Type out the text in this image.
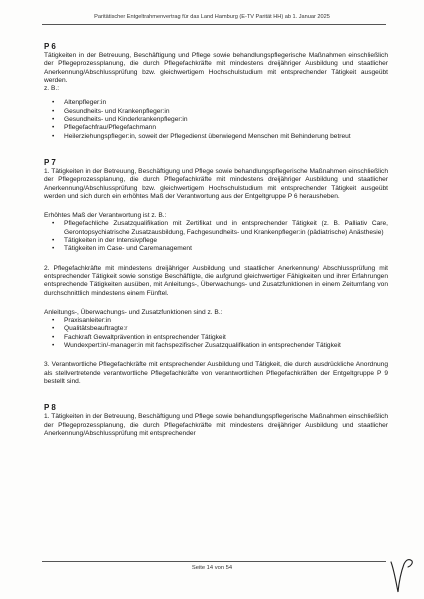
Paritätischer Entgeltrahmenvertrag für das Land Hamburg (E-TV Parität HH) ab 1. Januar 2025
P 6

Tätigkeiten in der Betreuung, Beschäftigung und Pflege sowie behandlungspflegerische Maßnahmen einschließlich der Pflegeprozessplanung, die durch Pflegefachkräfte mit mindestens dreijähriger Ausbildung und staatlicher Anerkennung/Abschlussprüfung bzw. gleichwertigem Hochschulstudium mit entsprechender Tätigkeit ausgeübt werden.

z. B.:

• Altenpfleger:in
• Gesundheits- und Krankenpfleger:in
• Gesundheits- und Kinderkrankenpfleger:in
• Pflegefachfrau/Pflegefachmann
• Heilerziehungspfleger:in, soweit der Pflegedienst überwiegend Menschen mit Behinderung betreut
P 7

1. Tätigkeiten in der Betreuung, Beschäftigung und Pflege sowie behandlungspflegerische Maßnahmen einschließlich der Pflegeprozessplanung, die durch Pflegefachkräfte mit mindestens dreijähriger Ausbildung und staatlicher Anerkennung/Abschlussprüfung bzw. gleichwertigem Hochschulstudium mit entsprechender Tätigkeit ausgeübt werden und sich durch ein erhöhtes Maß der Verantwortung aus der Entgeltgruppe P 6 herausheben.

Erhöhtes Maß der Verantwortung ist z. B.:

• Pflegefachliche Zusatzqualifikation mit Zertifikat und in entsprechender Tätigkeit (z. B. Palliativ Care, Gerontopsychiatrische Zusatzausbildung, Fachgesundheits- und Krankenpfleger:in (pädiatrische) Anästhesie)
• Tätigkeiten in der Intensivpflege
• Tätigkeiten im Case- und Caremanagement

2. Pflegefachkräfte mit mindestens dreijähriger Ausbildung und staatlicher Anerkennung/ Abschlussprüfung mit entsprechender Tätigkeit sowie sonstige Beschäftigte, die aufgrund gleichwertiger Fähigkeiten und ihrer Erfahrungen entsprechende Tätigkeiten ausüben, mit Anleitungs-, Überwachungs- und Zusatzfunktionen in einem Zeitumfang von durchschnittlich mindestens einem Fünftel.

Anleitungs-, Überwachungs- und Zusatzfunktionen sind z. B.:

• Praxisanleiter:in
• Qualitätsbeauftragte:r
• Fachkraft Gewaltprävention in entsprechender Tätigkeit
• Wundexpert:in/-manager:in mit fachspezifischer Zusatzqualifikation in entsprechender Tätigkeit

3. Verantwortliche Pflegefachkräfte mit entsprechender Ausbildung und Tätigkeit, die durch ausdrückliche Anordnung als stellvertretende verantwortliche Pflegefachkräfte von verantwortlichen Pflegefachkräften der Entgeltgruppe P 9 bestellt sind.

P 8

1. Tätigkeiten in der Betreuung, Beschäftigung und Pflege sowie behandlungspflegerische Maßnahmen einschließlich der Pflegeprozessplanung, die durch Pflegefachkräfte mit mindestens dreijähriger Ausbildung und staatlicher Anerkennung/Abschlussprüfung mit entsprechender

Seite 14 von 54
